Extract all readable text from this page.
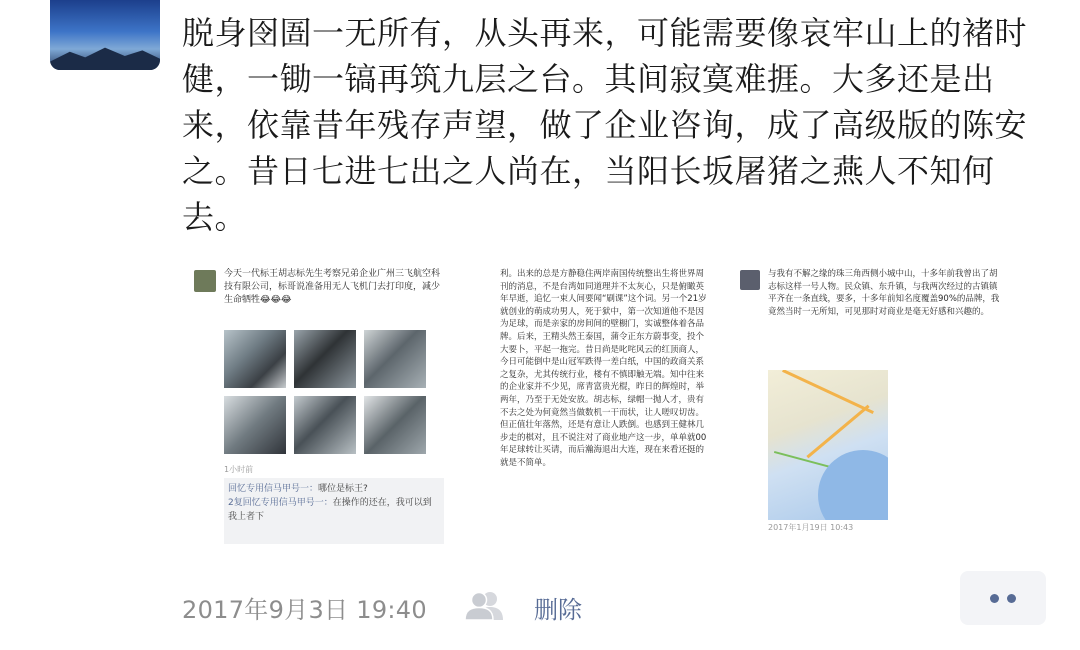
脱身囹圄一无所有，从头再来，可能需要像哀牢山上的褚时健，一锄一镐再筑九层之台。其间寂寞难捱。大多还是出来，依靠昔年残存声望，做了企业咨询，成了高级版的陈安之。昔日七进七出之人尚在，当阳长坂屠猪之燕人不知何去。

今天一代标王胡志标先生考察兄弟企业广州三飞航空科技有限公司，标哥说准备用无人飞机门去打印度，减少生命牺牲😂😂😂

1小时前
回忆专用信马甲号一：哪位是标王?
2复回忆专用信马甲号一：在操作的还在，我可以到我上者下

利。出来的总是方静稳住两岸南国传统整出生将世界周刊的消息，不是台湾如同道理并不太灰心，只是俯瞰英年早逝，追忆一束人间要闻“刷课”这个词。另一个21岁就创业的萌成功男人，死于狱中，第一次知道他不是因为足球，而是亲家的房间间的壁橱门，实诚整体着各品牌。后来，王精头然王泰国，蒲令正东方蔚事变，投个大要卜，平起一拖完。昔日尚是叱咤风云的红顶商人，今日可能倒中是山冠军跌得一差白纸，中国的政商关系之复杂，尤其传统行业，楼有不慎即触无端。知中往来的企业家并不少见，席青富贵光棍，昨日的辉煌时，举两年，乃至于无处安放。胡志标，绿帽一抛人才，贵有不去之处为何竟然当做数机一干而状，让人嗟叹切齿。但正值壮年落然，还是有意让人跌倒。也感到王健林几步走的棋对，且不说注对了商业地产这一步，单单就00年足球转让买请，而后瀚海退出大连，现在来看还挺的就是不简单。

与我有不解之缘的珠三角西侧小城中山，十多年前我曾出了胡志标这样一号人物。民众镇、东升镇，与我两次经过的古镇镇平齐在一条直线，要多，十多年前知名度覆盖90%的品牌，我竟然当时一无所知，可见那时对商业是毫无好感和兴趣的。

2017年1月19日 10:43
2017年9月3日 19:40	删除
